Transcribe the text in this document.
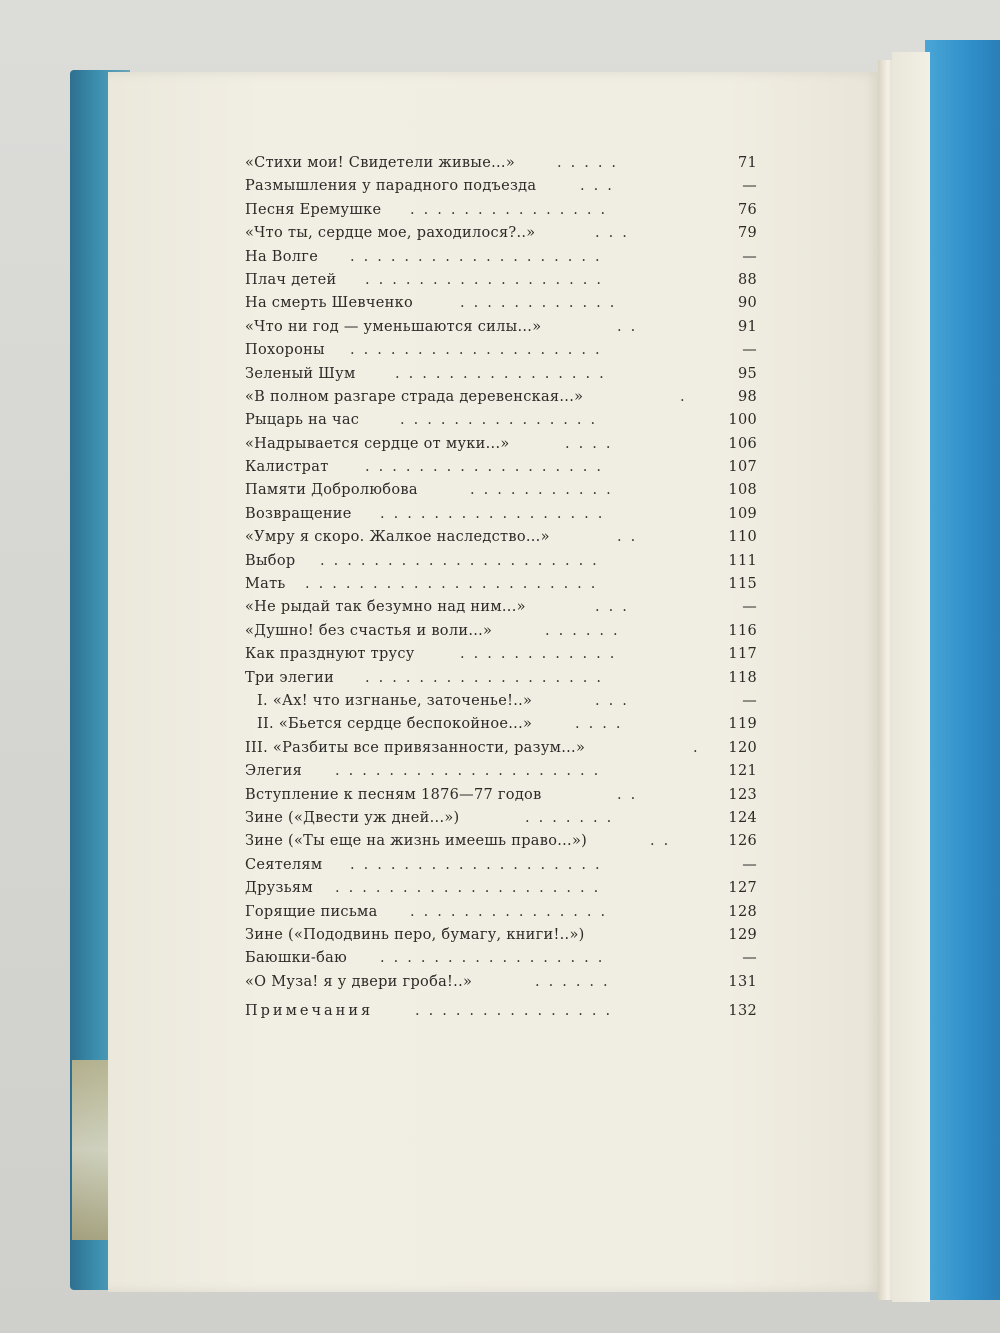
«Стихи мои! Свидетели живые...»	.....	71
Размышления у парадного подъезда	...	—
Песня Еремушке ...............	76
«Что ты, сердце мое, раходилося?..»	...	79
На Волге ...................	—
Плач детей ..................	88
На смерть Шевченко	............	90
«Что ни год — уменьшаются силы...»	..	91
Похороны ...................	—
Зеленый Шум	................	95
«В полном разгаре страда деревенская...»	.	98
Рыцарь на час	...............	100
«Надрывается сердце от муки...»	....	106
Калистрат	..................	107
Памяти Добролюбова	...........	108
Возвращение .................	109
«Умру я скоро. Жалкое наследство...»	..	110
Выбор .....................	111
Мать ......................	115
«Не рыдай так безумно над ним...»	...	—
«Душно! без счастья и воли...»	......	116
Как празднуют трусу	............	117
Три элегии ..................	118
I. «Ах! что изгнанье, заточенье!..»	...	—
II. «Бьется сердце беспокойное...»	....	119
III. «Разбиты все привязанности, разум...»	. 120
Элегия ....................	121
Вступление к песням 1876—77 годов	..	123
Зине («Двести уж дней...»)	.......	124
Зине («Ты еще на жизнь имеешь право...»)	..	126
Сеятелям ...................	—
Друзьям ....................	127
Горящие письма ...............	128
Зине («Пододвинь перо, бумагу, книги!..»)	129
Баюшки-баю .................	—
«О Муза! я у двери гроба!..»	......	131
Примечания	...............	132
